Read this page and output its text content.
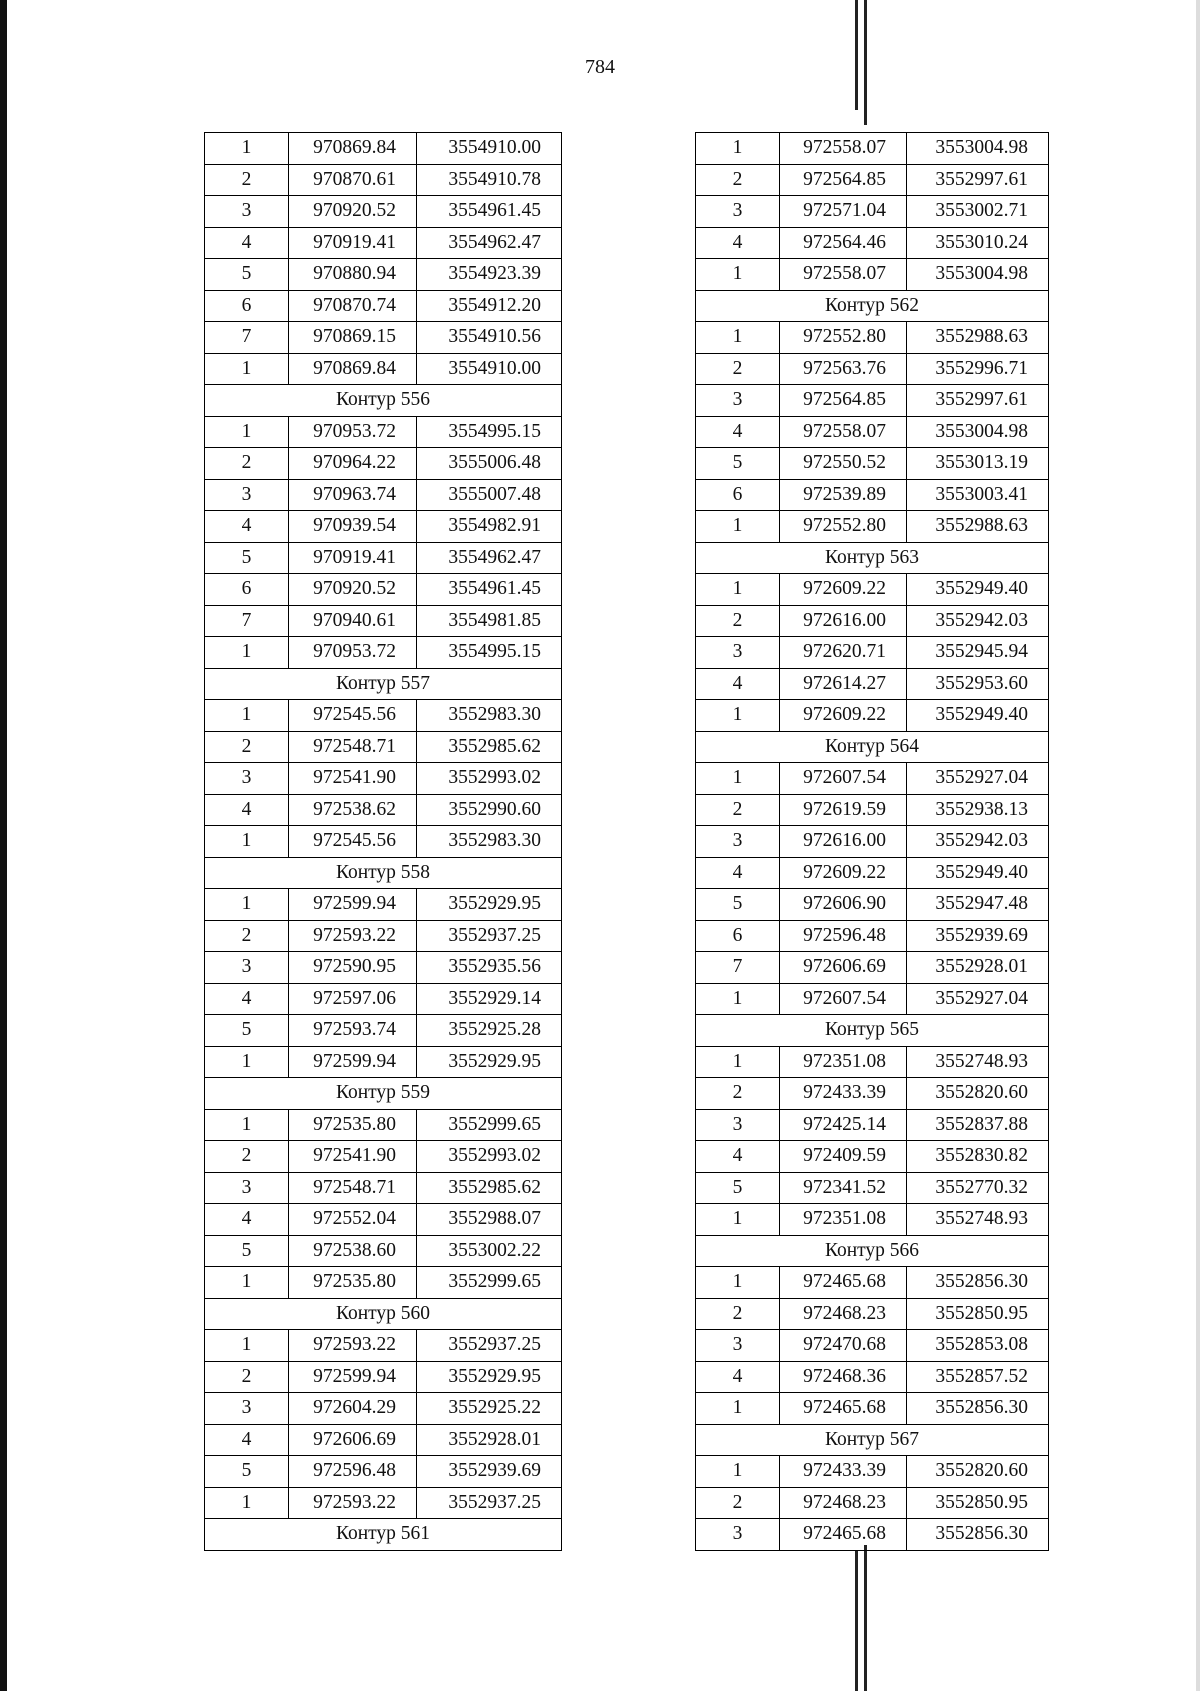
784
1	970869.84	3554910.00
2	970870.61	3554910.78
3	970920.52	3554961.45
4	970919.41	3554962.47
5	970880.94	3554923.39
6	970870.74	3554912.20
7	970869.15	3554910.56
1	970869.84	3554910.00
Контур 556		
1	970953.72	3554995.15
2	970964.22	3555006.48
3	970963.74	3555007.48
4	970939.54	3554982.91
5	970919.41	3554962.47
6	970920.52	3554961.45
7	970940.61	3554981.85
1	970953.72	3554995.15
Контур 557		
1	972545.56	3552983.30
2	972548.71	3552985.62
3	972541.90	3552993.02
4	972538.62	3552990.60
1	972545.56	3552983.30
Контур 558		
1	972599.94	3552929.95
2	972593.22	3552937.25
3	972590.95	3552935.56
4	972597.06	3552929.14
5	972593.74	3552925.28
1	972599.94	3552929.95
Контур 559		
1	972535.80	3552999.65
2	972541.90	3552993.02
3	972548.71	3552985.62
4	972552.04	3552988.07
5	972538.60	3553002.22
1	972535.80	3552999.65
Контур 560		
1	972593.22	3552937.25
2	972599.94	3552929.95
3	972604.29	3552925.22
4	972606.69	3552928.01
5	972596.48	3552939.69
1	972593.22	3552937.25
Контур 561		
1	972558.07	3553004.98
2	972564.85	3552997.61
3	972571.04	3553002.71
4	972564.46	3553010.24
1	972558.07	3553004.98
Контур 562		
1	972552.80	3552988.63
2	972563.76	3552996.71
3	972564.85	3552997.61
4	972558.07	3553004.98
5	972550.52	3553013.19
6	972539.89	3553003.41
1	972552.80	3552988.63
Контур 563		
1	972609.22	3552949.40
2	972616.00	3552942.03
3	972620.71	3552945.94
4	972614.27	3552953.60
1	972609.22	3552949.40
Контур 564		
1	972607.54	3552927.04
2	972619.59	3552938.13
3	972616.00	3552942.03
4	972609.22	3552949.40
5	972606.90	3552947.48
6	972596.48	3552939.69
7	972606.69	3552928.01
1	972607.54	3552927.04
Контур 565		
1	972351.08	3552748.93
2	972433.39	3552820.60
3	972425.14	3552837.88
4	972409.59	3552830.82
5	972341.52	3552770.32
1	972351.08	3552748.93
Контур 566		
1	972465.68	3552856.30
2	972468.23	3552850.95
3	972470.68	3552853.08
4	972468.36	3552857.52
1	972465.68	3552856.30
Контур 567		
1	972433.39	3552820.60
2	972468.23	3552850.95
3	972465.68	3552856.30
